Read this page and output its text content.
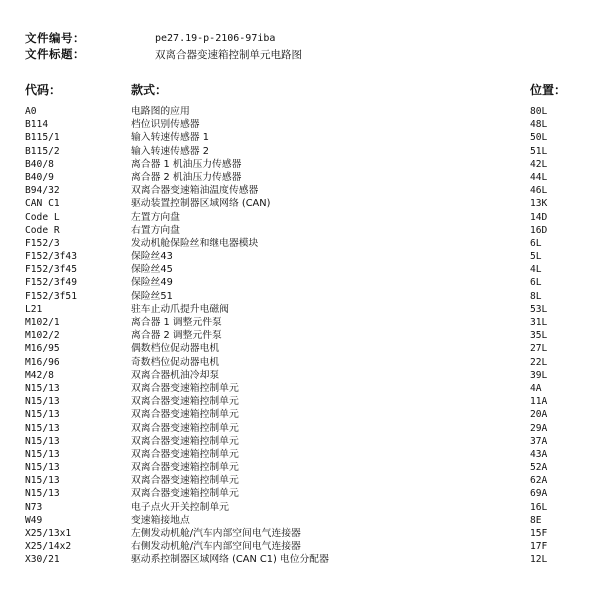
文件编号：	pe27.19-p-2106-97iba
文件标题：	双离合器变速箱控制单元电路图
代码：	款式：	位置：
A0	电路图的应用	80L
B114	档位识别传感器	48L
B115/1	输入转速传感器 1	50L
B115/2	输入转速传感器 2	51L
B40/8	离合器 1 机油压力传感器	42L
B40/9	离合器 2 机油压力传感器	44L
B94/32	双离合器变速箱油温度传感器	46L
CAN C1	驱动装置控制器区域网络 (CAN)	13K
Code L	左置方向盘	14D
Code R	右置方向盘	16D
F152/3	发动机舱保险丝和继电器模块	6L
F152/3f43	保险丝43	5L
F152/3f45	保险丝45	4L
F152/3f49	保险丝49	6L
F152/3f51	保险丝51	8L
L21	驻车止动爪提升电磁阀	53L
M102/1	离合器 1 调整元件泵	31L
M102/2	离合器 2 调整元件泵	35L
M16/95	偶数档位促动器电机	27L
M16/96	奇数档位促动器电机	22L
M42/8	双离合器机油冷却泵	39L
N15/13	双离合器变速箱控制单元	4A
N15/13	双离合器变速箱控制单元	11A
N15/13	双离合器变速箱控制单元	20A
N15/13	双离合器变速箱控制单元	29A
N15/13	双离合器变速箱控制单元	37A
N15/13	双离合器变速箱控制单元	43A
N15/13	双离合器变速箱控制单元	52A
N15/13	双离合器变速箱控制单元	62A
N15/13	双离合器变速箱控制单元	69A
N73	电子点火开关控制单元	16L
W49	变速箱接地点	8E
X25/13x1	左侧发动机舱/汽车内部空间电气连接器	15F
X25/14x2	右侧发动机舱/汽车内部空间电气连接器	17F
X30/21	驱动系控制器区域网络 (CAN C1) 电位分配器	12L
